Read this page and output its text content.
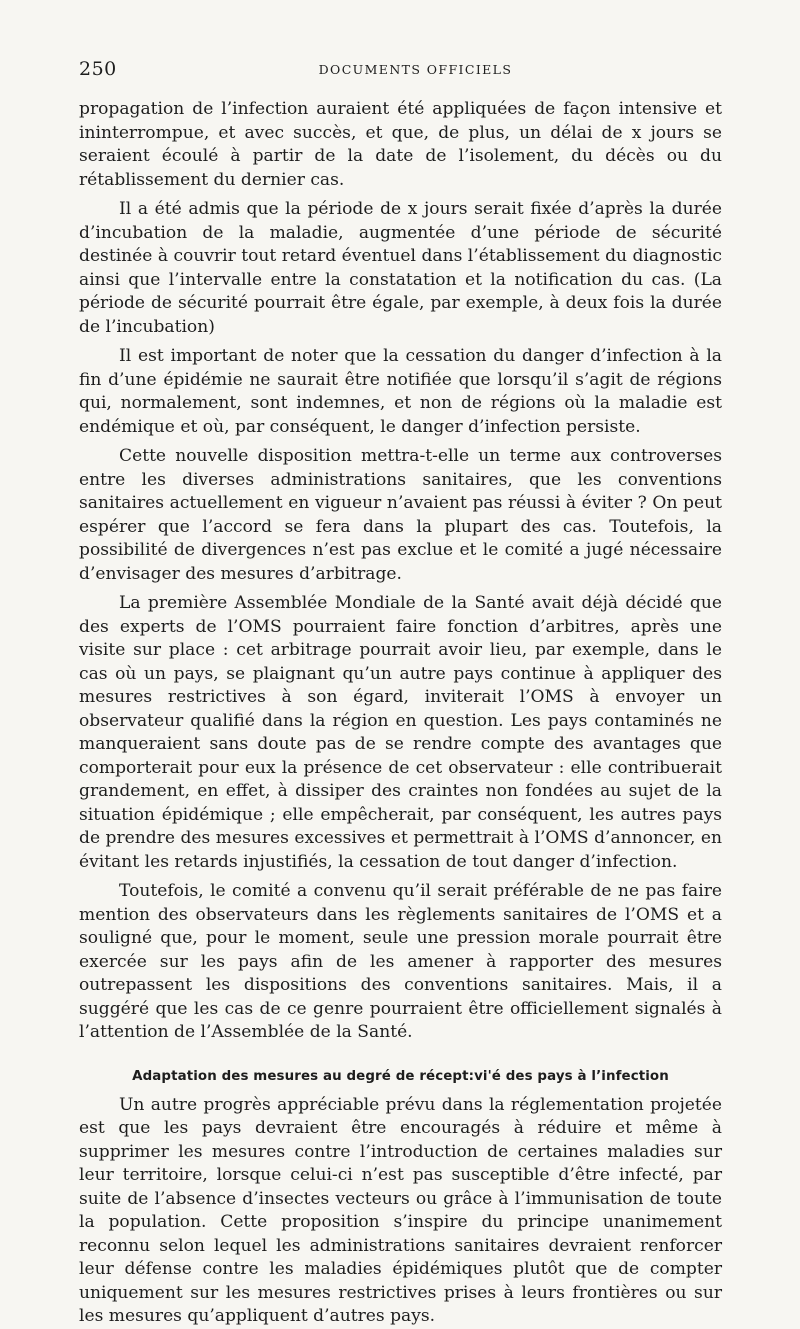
250	DOCUMENTS OFFICIELS

propagation de l’infection auraient été appliquées de façon intensive et ininterrompue, et avec succès, et que, de plus, un délai de x jours se seraient écoulé à partir de la date de l’isolement, du décès ou du rétablissement du dernier cas.

Il a été admis que la période de x jours serait fixée d’après la durée d’incubation de la maladie, augmentée d’une période de sécurité destinée à couvrir tout retard éventuel dans l’établissement du diagnostic ainsi que l’intervalle entre la constatation et la notification du cas. (La période de sécurité pourrait être égale, par exemple, à deux fois la durée de l’incubation)

Il est important de noter que la cessation du danger d’infection à la fin d’une épidémie ne saurait être notifiée que lorsqu’il s’agit de régions qui, normalement, sont indemnes, et non de régions où la maladie est endémique et où, par conséquent, le danger d’infection persiste.

Cette nouvelle disposition mettra-t-elle un terme aux controverses entre les diverses administrations sanitaires, que les conventions sanitaires actuellement en vigueur n’avaient pas réussi à éviter ? On peut espérer que l’accord se fera dans la plupart des cas. Toutefois, la possibilité de divergences n’est pas exclue et le comité a jugé nécessaire d’envisager des mesures d’arbitrage.

La première Assemblée Mondiale de la Santé avait déjà décidé que des experts de l’OMS pourraient faire fonction d’arbitres, après une visite sur place : cet arbitrage pourrait avoir lieu, par exemple, dans le cas où un pays, se plaignant qu’un autre pays continue à appliquer des mesures restrictives à son égard, inviterait l’OMS à envoyer un observateur qualifié dans la région en question. Les pays contaminés ne manqueraient sans doute pas de se rendre compte des avantages que comporterait pour eux la présence de cet observateur : elle contribuerait grandement, en effet, à dissiper des craintes non fondées au sujet de la situation épidémique ; elle empêcherait, par conséquent, les autres pays de prendre des mesures excessives et permettrait à l’OMS d’annoncer, en évitant les retards injustifiés, la cessation de tout danger d’infection.

Toutefois, le comité a convenu qu’il serait préférable de ne pas faire mention des observateurs dans les règlements sanitaires de l’OMS et a souligné que, pour le moment, seule une pression morale pourrait être exercée sur les pays afin de les amener à rapporter des mesures outrepassent les dispositions des conventions sanitaires. Mais, il a suggéré que les cas de ce genre pourraient être officiellement signalés à l’attention de l’Assemblée de la Santé.

Adaptation des mesures au degré de récept:vi'é des pays à l’infection

Un autre progrès appréciable prévu dans la réglementation projetée est que les pays devraient être encouragés à réduire et même à supprimer les mesures contre l’introduction de certaines maladies sur leur territoire, lorsque celui-ci n’est pas susceptible d’être infecté, par suite de l’absence d’insectes vecteurs ou grâce à l’immunisation de toute la population. Cette proposition s’inspire du principe unanimement reconnu selon lequel les administrations sanitaires devraient renforcer leur défense contre les maladies épidémiques plutôt que de compter uniquement sur les mesures restrictives prises à leurs frontières ou sur les mesures qu’appliquent d’autres pays.
